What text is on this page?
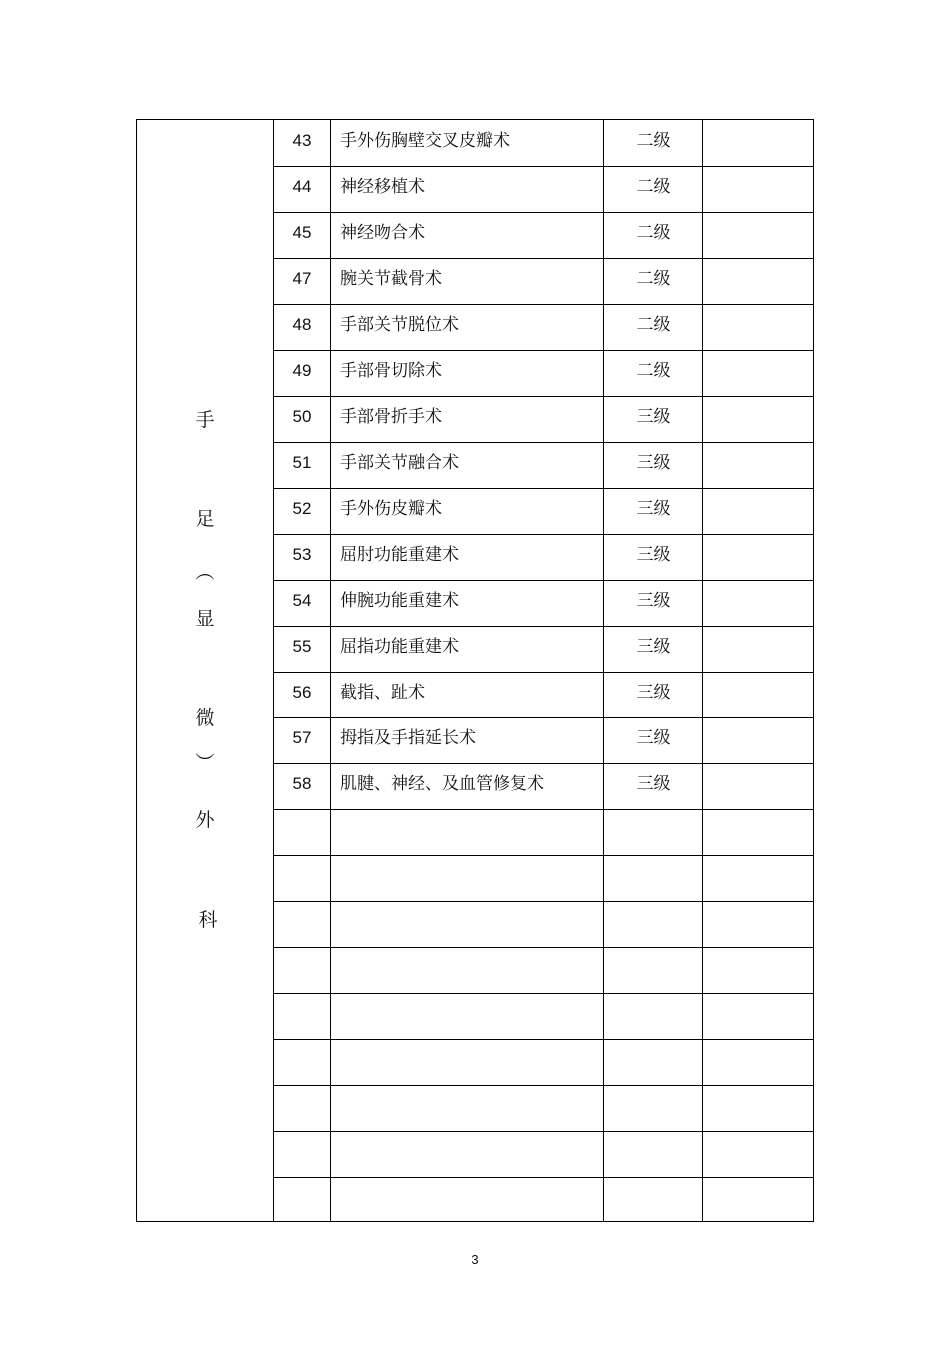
手
足
︵
显
微
︶
外
科
43	手外伤胸壁交叉皮瓣术	二级
44	神经移植术	二级
45	神经吻合术	二级
47	腕关节截骨术	二级
48	手部关节脱位术	二级
49	手部骨切除术	二级
50	手部骨折手术	三级
51	手部关节融合术	三级
52	手外伤皮瓣术	三级
53	屈肘功能重建术	三级
54	伸腕功能重建术	三级
55	屈指功能重建术	三级
56	截指、趾术	三级
57	拇指及手指延长术	三级
58	肌腱、神经、及血管修复术	三级
3
